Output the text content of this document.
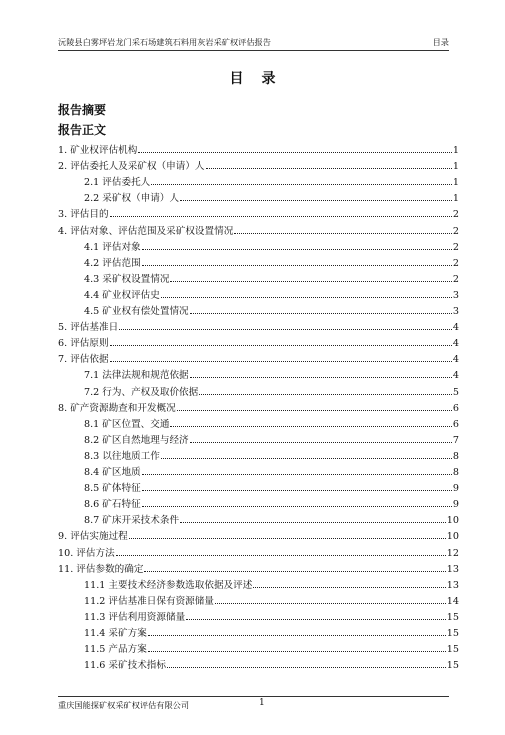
沅陵县白雾坪岩龙门采石场建筑石料用灰岩采矿权评估报告	目录
目录
报告摘要
报告正文
1. 矿业权评估机构	1
2. 评估委托人及采矿权（申请）人	1
2.1 评估委托人	1
2.2 采矿权（申请）人	1
3. 评估目的	2
4. 评估对象、评估范围及采矿权设置情况	2
4.1 评估对象	2
4.2 评估范围	2
4.3 采矿权设置情况	2
4.4 矿业权评估史	3
4.5 矿业权有偿处置情况	3
5. 评估基准日	4
6. 评估原则	4
7. 评估依据	4
7.1 法律法规和规范依据	4
7.2 行为、产权及取价依据	5
8. 矿产资源勘查和开发概况	6
8.1 矿区位置、交通	6
8.2 矿区自然地理与经济	7
8.3 以往地质工作	8
8.4 矿区地质	8
8.5 矿体特征	9
8.6 矿石特征	9
8.7 矿床开采技术条件	10
9. 评估实施过程	10
10. 评估方法	12
11. 评估参数的确定	13
11.1 主要技术经济参数选取依据及评述	13
11.2 评估基准日保有资源储量	14
11.3 评估利用资源储量	15
11.4 采矿方案	15
11.5 产品方案	15
11.6 采矿技术指标	15
重庆国能探矿权采矿权评估有限公司	1
